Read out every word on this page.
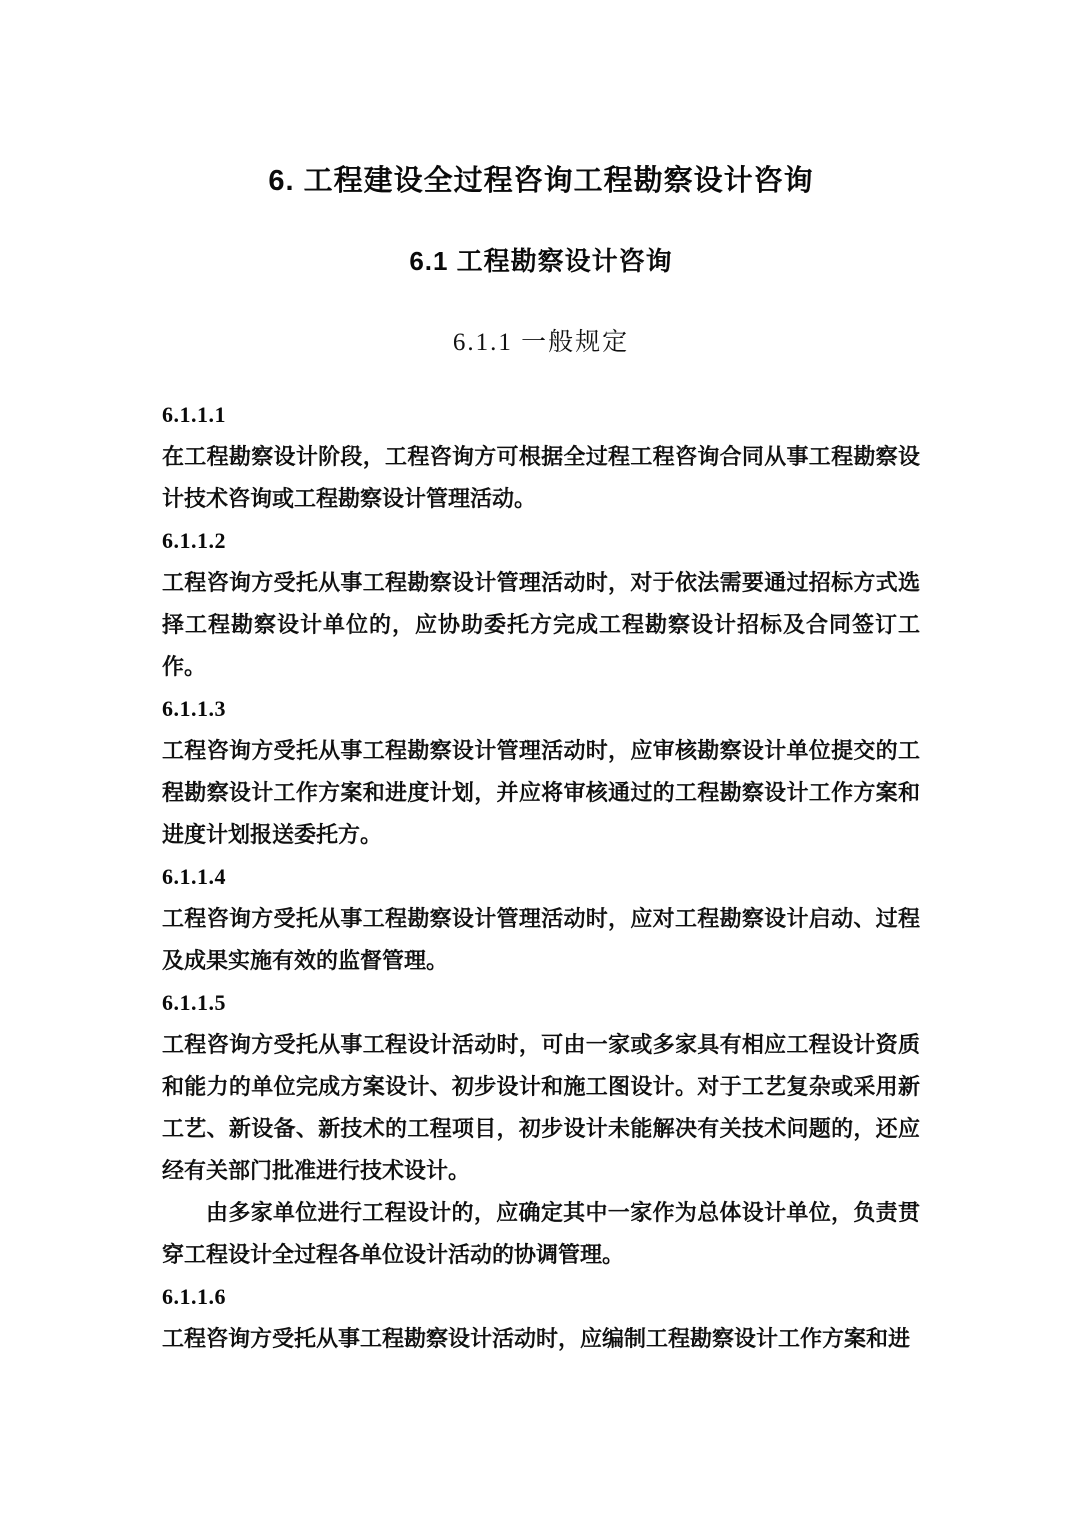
6. 工程建设全过程咨询工程勘察设计咨询
6.1 工程勘察设计咨询
6.1.1 一般规定
6.1.1.1

在工程勘察设计阶段，工程咨询方可根据全过程工程咨询合同从事工程勘察设计技术咨询或工程勘察设计管理活动。

6.1.1.2

工程咨询方受托从事工程勘察设计管理活动时，对于依法需要通过招标方式选择工程勘察设计单位的，应协助委托方完成工程勘察设计招标及合同签订工作。

6.1.1.3

工程咨询方受托从事工程勘察设计管理活动时，应审核勘察设计单位提交的工程勘察设计工作方案和进度计划，并应将审核通过的工程勘察设计工作方案和进度计划报送委托方。

6.1.1.4

工程咨询方受托从事工程勘察设计管理活动时，应对工程勘察设计启动、过程及成果实施有效的监督管理。

6.1.1.5

工程咨询方受托从事工程设计活动时，可由一家或多家具有相应工程设计资质和能力的单位完成方案设计、初步设计和施工图设计。对于工艺复杂或采用新工艺、新设备、新技术的工程项目，初步设计未能解决有关技术问题的，还应经有关部门批准进行技术设计。

由多家单位进行工程设计的，应确定其中一家作为总体设计单位，负责贯穿工程设计全过程各单位设计活动的协调管理。

6.1.1.6

工程咨询方受托从事工程勘察设计活动时，应编制工程勘察设计工作方案和进
